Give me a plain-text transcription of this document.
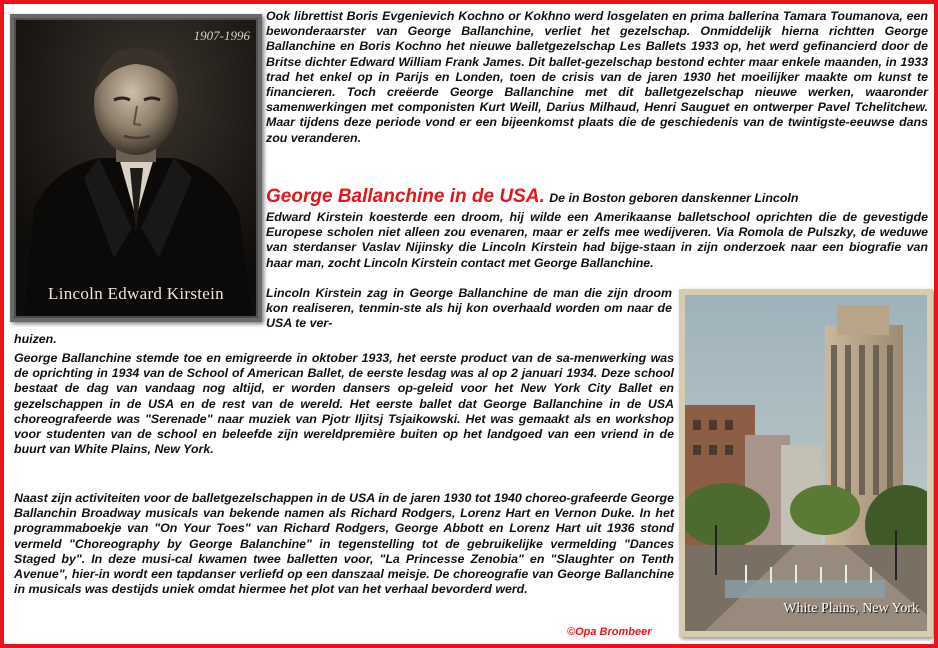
1907-1996
Lincoln Edward Kirstein

Ook librettist Boris Evgenievich Kochno or Kokhno werd losgelaten en prima ballerina Tamara Toumanova, een bewonderaarster van George Ballanchine, verliet het gezelschap. Onmiddelijk hierna richtten George Ballanchine en Boris Kochno het nieuwe balletgezelschap Les Ballets 1933 op, het werd gefinancierd door de Britse dichter Edward William Frank James. Dit ballet-gezelschap bestond echter maar enkele maanden, in 1933 trad het enkel op in Parijs en Londen, toen de crisis van de jaren 1930 het moeilijker maakte om kunst te financieren. Toch creëerde George Ballanchine met dit balletgezelschap nieuwe werken, waaronder samenwerkingen met componisten Kurt Weill, Darius Milhaud, Henri Sauguet en ontwerper Pavel Tchelitchew. Maar tijdens deze periode vond er een bijeenkomst plaats die de geschiedenis van de twintigste-eeuwse dans zou veranderen.

George Ballanchine in de USA. De in Boston geboren danskenner Lincoln

Edward Kirstein koesterde een droom, hij wilde een Amerikaanse balletschool oprichten die de gevestigde Europese scholen niet alleen zou evenaren, maar er zelfs mee wedijveren. Via Romola de Pulszky, de weduwe van sterdanser Vaslav Nijinsky die Lincoln Kirstein had bijge-staan in zijn onderzoek naar een biografie van haar man, zocht Lincoln Kirstein contact met George Ballanchine.

Lincoln Kirstein zag in George Ballanchine de man die zijn droom kon realiseren, tenmin-ste als hij kon overhaald worden om naar de USA te ver-

huizen.

George Ballanchine stemde toe en emigreerde in oktober 1933, het eerste product van de sa-menwerking was de oprichting in 1934 van de School of American Ballet, de eerste lesdag was al op 2 januari 1934. Deze school bestaat de dag van vandaag nog altijd, er worden dansers op-geleid voor het New York City Ballet en gezelschappen in de USA en de rest van de wereld. Het eerste ballet dat George Ballanchine in de USA choreografeerde was "Serenade" naar muziek van Pjotr Iljitsj Tsjaikowski. Het was gemaakt als en workshop voor studenten van de school en beleefde zijn wereldpremière buiten op het landgoed van een vriend in de buurt van White Plains, New York.

Naast zijn activiteiten voor de balletgezelschappen in de USA in de jaren 1930 tot 1940 choreo-grafeerde George Ballanchin Broadway musicals van bekende namen als Richard Rodgers, Lorenz Hart en Vernon Duke. In het programmaboekje van "On Your Toes" van Richard Rodgers, George Abbott en Lorenz Hart uit 1936 stond vermeld "Choreography by George Balanchine" in tegenstelling tot de gebruikelijke vermelding "Dances Staged by". In deze musi-cal kwamen twee balletten voor, "La Princesse Zenobia" en "Slaughter on Tenth Avenue", hier-in wordt een tapdanser verliefd op een danszaal meisje. De choreografie van George Ballanchine in musicals was destijds uniek omdat hiermee het plot van het verhaal bevorderd werd.

White Plains, New York
©Opa Brombeer
